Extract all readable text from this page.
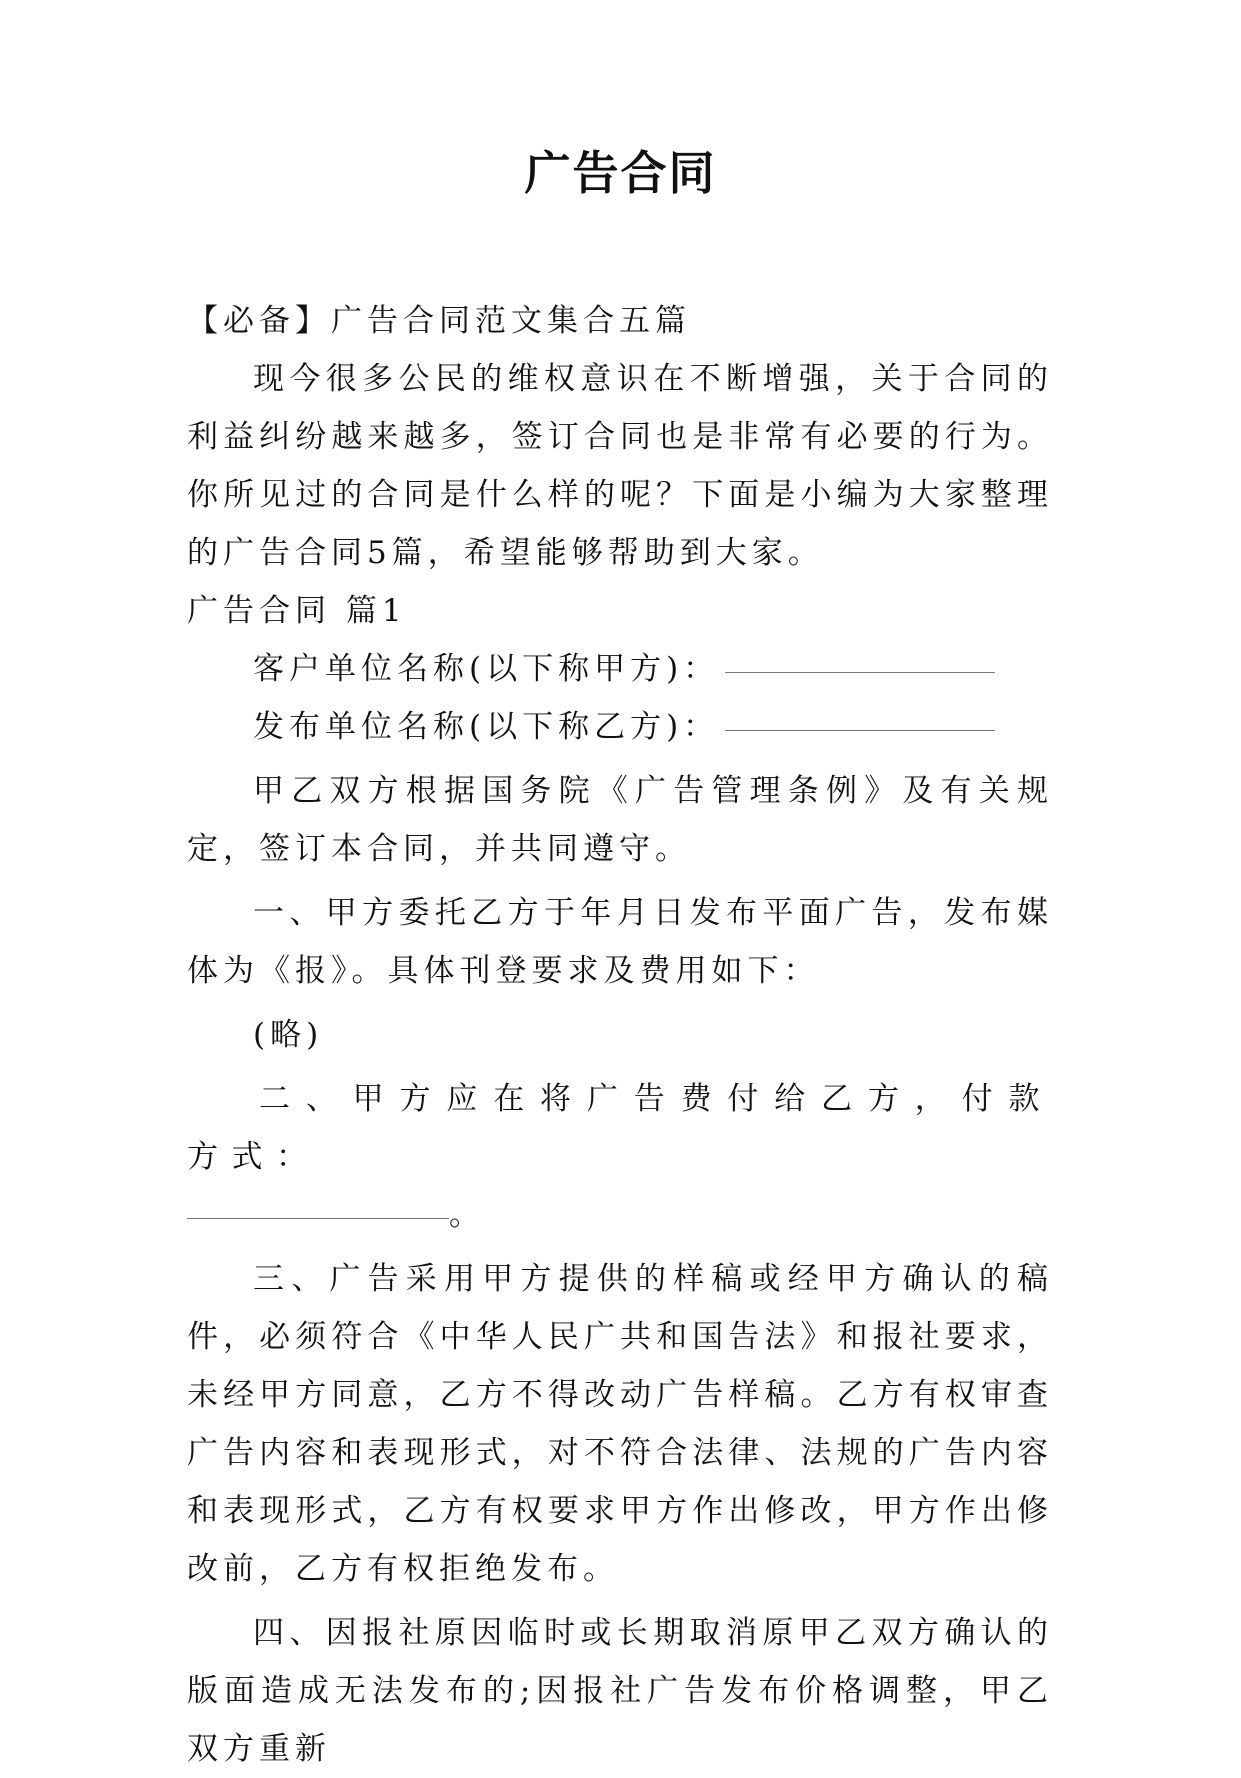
广告合同

【必备】广告合同范文集合五篇

现今很多公民的维权意识在不断增强，关于合同的利益纠纷越来越多，签订合同也是非常有必要的行为。你所见过的合同是什么样的呢？下面是小编为大家整理的广告合同5篇，希望能够帮助到大家。

广告合同 篇1

客户单位名称(以下称甲方)：

发布单位名称(以下称乙方)：

甲乙双方根据国务院《广告管理条例》及有关规定，签订本合同，并共同遵守。

一、甲方委托乙方于年月日发布平面广告，发布媒体为《报》。具体刊登要求及费用如下：

(略)

二、甲方应在将广告费付给乙方，付款方式：

。

三、广告采用甲方提供的样稿或经甲方确认的稿件，必须符合《中华人民广共和国告法》和报社要求，未经甲方同意，乙方不得改动广告样稿。乙方有权审查广告内容和表现形式，对不符合法律、法规的广告内容和表现形式，乙方有权要求甲方作出修改，甲方作出修改前，乙方有权拒绝发布。

四、因报社原因临时或长期取消原甲乙双方确认的版面造成无法发布的;因报社广告发布价格调整，甲乙双方重新
